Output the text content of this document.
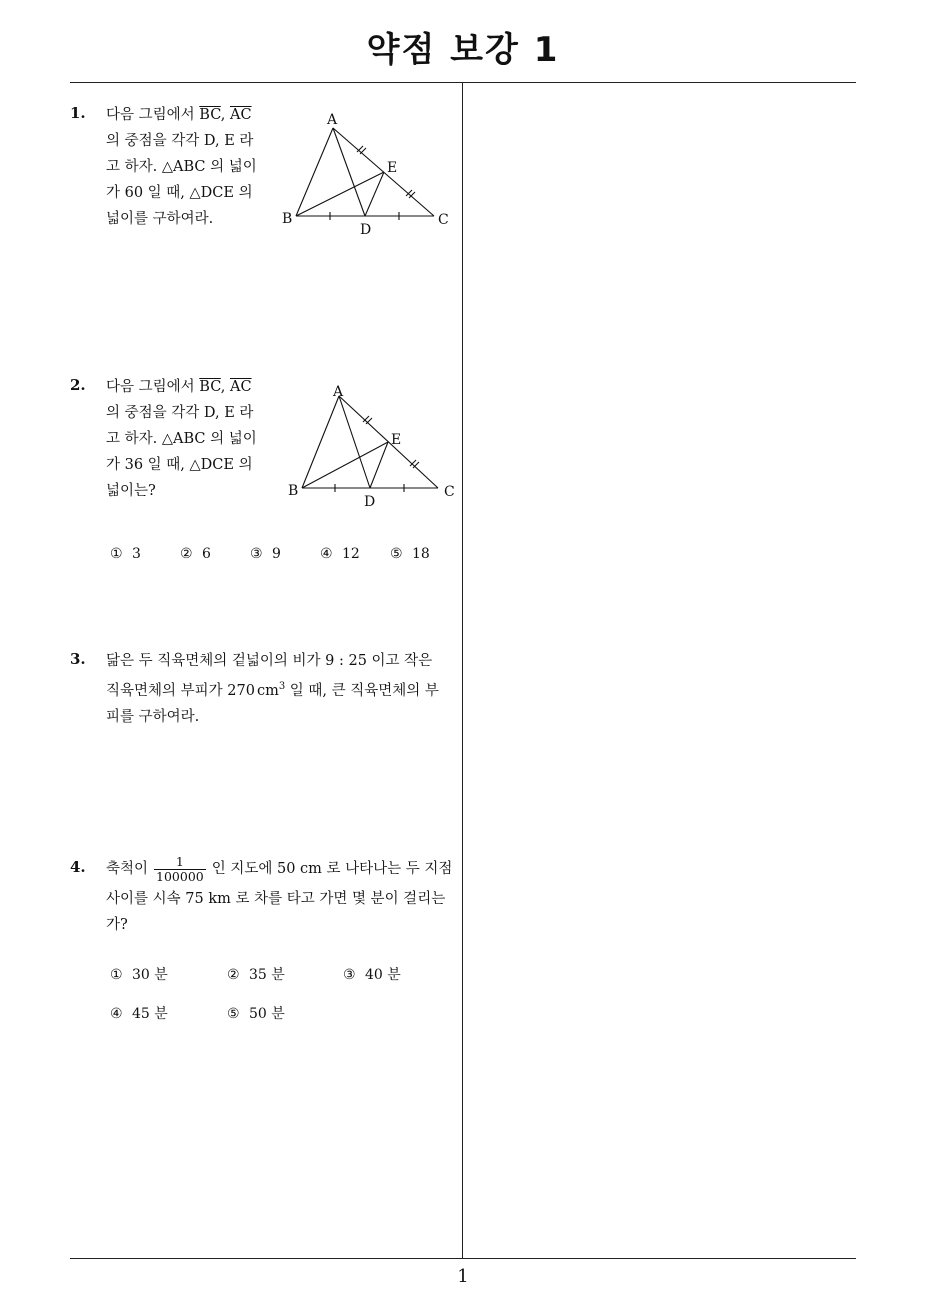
약점 보강 1
1. 다음 그림에서 $\overline{BC}$, $\overline{AC}$
의 중점을 각각 D, E 라
고 하자. △ABC 의 넓이
가 60 일 때, △DCE 의
넓이를 구하여라.
A
B	C
D
E
2. 다음 그림에서 $\overline{BC}$, $\overline{AC}$
의 중점을 각각 D, E 라
고 하자. △ABC 의 넓이
가 36 일 때, △DCE 의
넓이는?
A
B	C
D
E
① 3	② 6	③ 9	④ 12 ⑤ 18
3. 닮은 두 직육면체의 겉넓이의 비가 9 : 25 이고 작은
직육면체의 부피가 270 $cm^3$ 일 때, 큰 직육면체의 부
피를 구하여라.
4. 축척이 $\frac{1}{100000}$ 인 지도에 50 cm 로 나타나는 두 지점
사이를 시속 75 km 로 차를 타고 가면 몇 분이 걸리는
가?
① 30 분	② 35 분	③ 40 분
④ 45 분	⑤ 50 분
1
